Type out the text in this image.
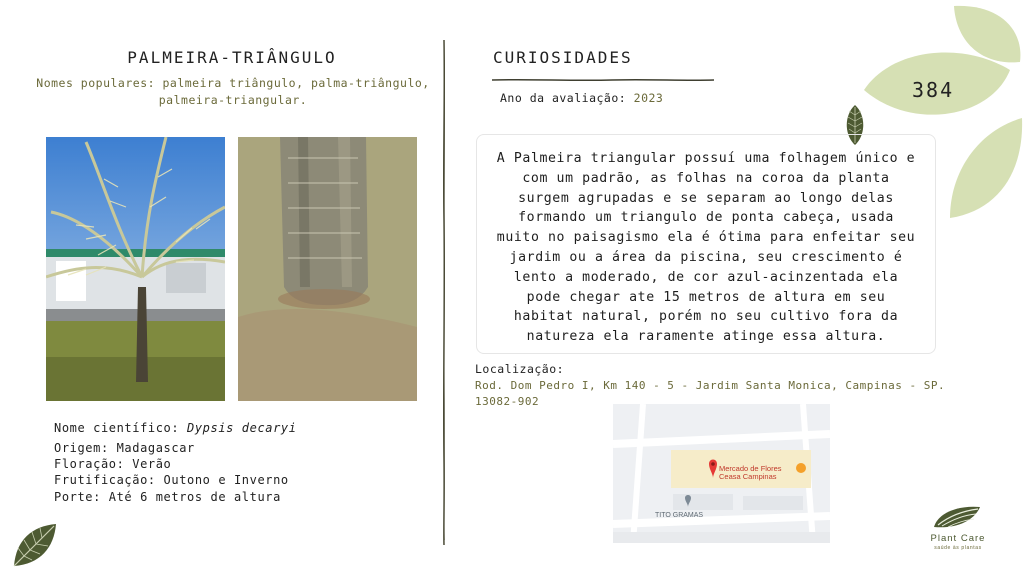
PALMEIRA-TRIÂNGULO
Nomes populares: palmeira triângulo, palma-triângulo,
palmeira-triangular.
Nome científico: Dypsis decaryi
Origem: Madagascar
Floração: Verão
Frutificação: Outono e Inverno
Porte: Até 6 metros de altura
CURIOSIDADES
Ano da avaliação: 2023	384
A Palmeira triangular possuí uma folhagem único e com um padrão, as folhas na coroa da planta surgem agrupadas e se separam ao longo delas formando um triangulo de ponta cabeça, usada muito no paisagismo ela é ótima para enfeitar seu jardim ou a área da piscina, seu crescimento é lento a moderado, de cor azul-acinzentada ela pode chegar ate 15 metros de altura em seu habitat natural, porém no seu cultivo fora da natureza ela raramente atinge essa altura.
Localização:
Rod. Dom Pedro I, Km 140 - 5 - Jardim Santa Monica, Campinas - SP.
13082-902
Mercado de Flores
Ceasa Campinas
TITO GRAMAS
Plant Care
saúde às plantas
